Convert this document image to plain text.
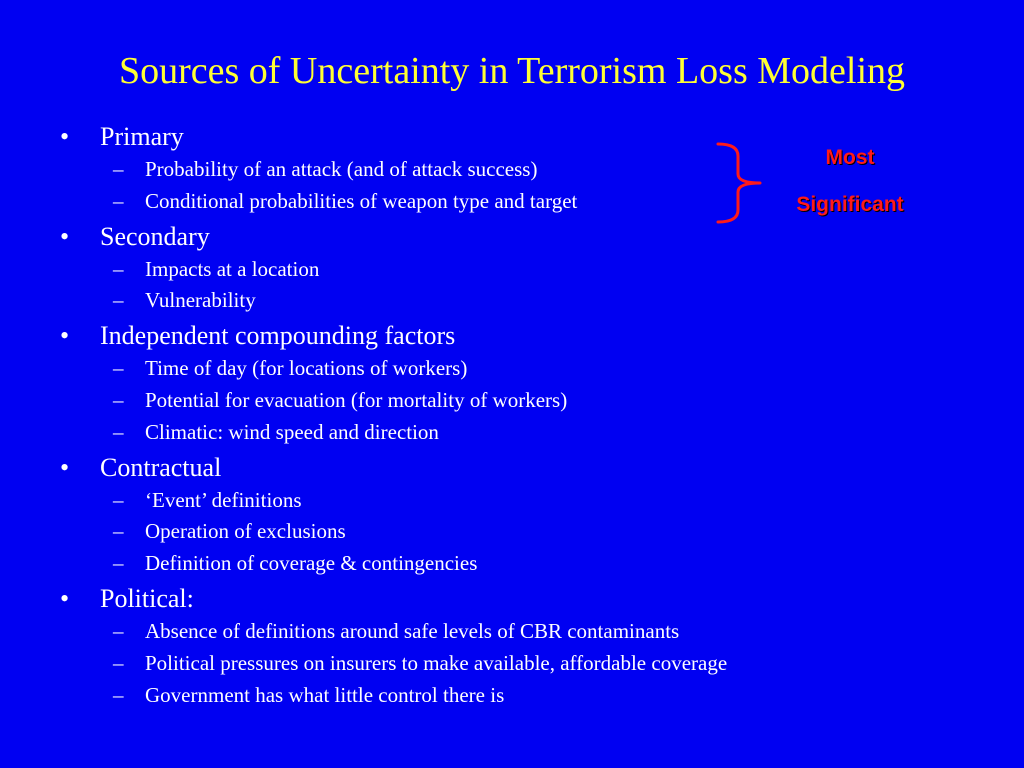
Sources of Uncertainty in Terrorism Loss Modeling
• Primary
– Probability of an attack (and of attack success)
– Conditional probabilities of weapon type and target
• Secondary
– Impacts at a location
– Vulnerability
• Independent compounding factors
– Time of day (for locations of workers)
– Potential for evacuation (for mortality of workers)
– Climatic: wind speed and direction
• Contractual
– ‘Event’ definitions
– Operation of exclusions
– Definition of coverage & contingencies
• Political:
– Absence of definitions around safe levels of CBR contaminants
– Political pressures on insurers to make available, affordable coverage
– Government has what little control there is
Most
Significant
